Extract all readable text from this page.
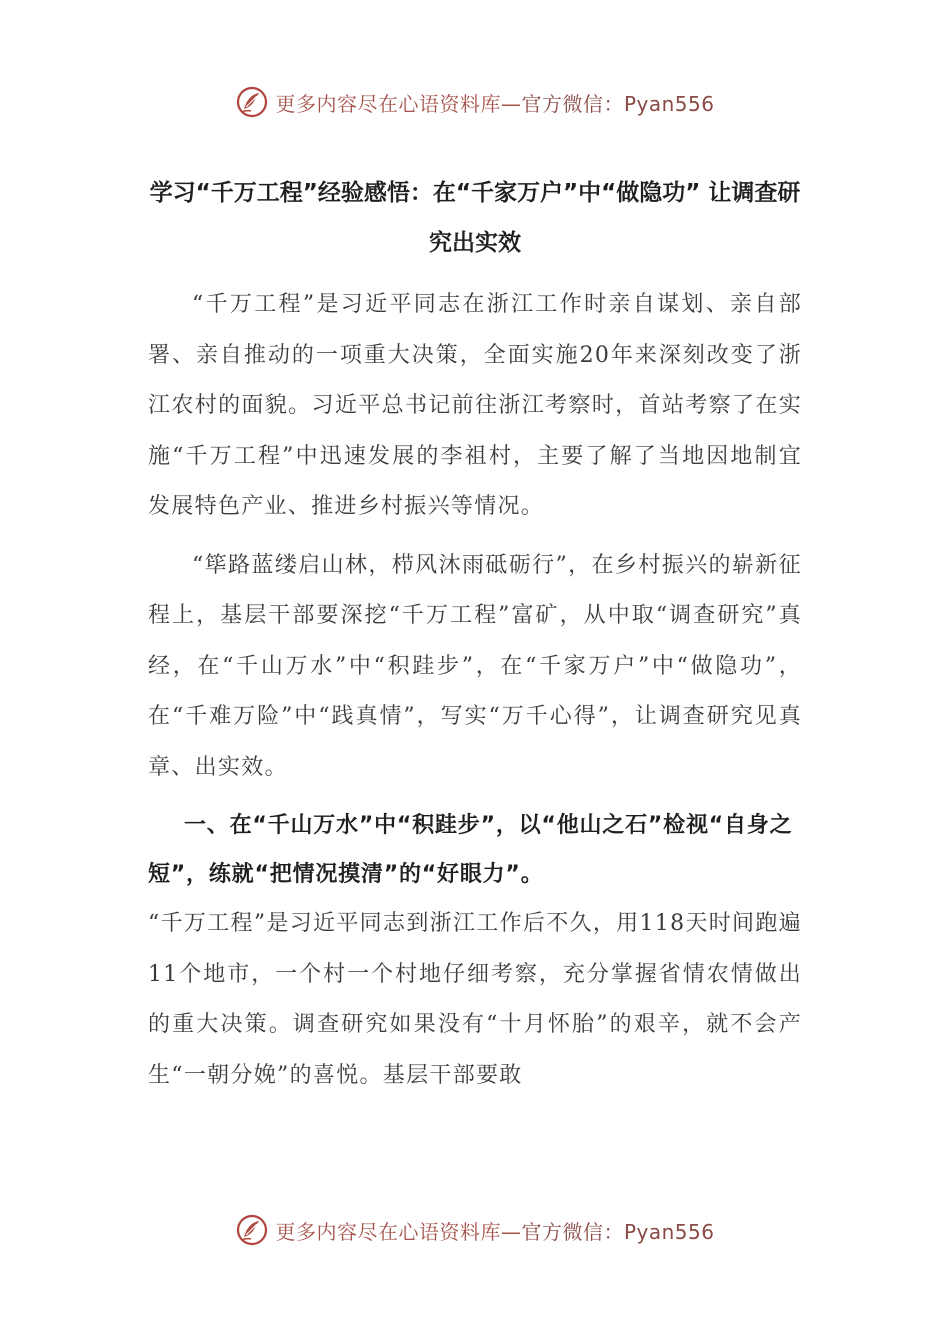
更多内容尽在心语资料库—官方微信：Pyan556
学习“千万工程”经验感悟：在“千家万户”中“做隐功” 让调查研究出实效

“千万工程”是习近平同志在浙江工作时亲自谋划、亲自部署、亲自推动的一项重大决策，全面实施20年来深刻改变了浙江农村的面貌。习近平总书记前往浙江考察时，首站考察了在实施“千万工程”中迅速发展的李祖村，主要了解了当地因地制宜发展特色产业、推进乡村振兴等情况。

“筚路蓝缕启山林，栉风沐雨砥砺行”，在乡村振兴的崭新征程上，基层干部要深挖“千万工程”富矿，从中取“调查研究”真经，在“千山万水”中“积跬步”，在“千家万户”中“做隐功”，在“千难万险”中“践真情”，写实“万千心得”，让调查研究见真章、出实效。

一、在“千山万水”中“积跬步”，以“他山之石”检视“自身之短”，练就“把情况摸清”的“好眼力”。

“千万工程”是习近平同志到浙江工作后不久，用118天时间跑遍11个地市，一个村一个村地仔细考察，充分掌握省情农情做出的重大决策。调查研究如果没有“十月怀胎”的艰辛，就不会产生“一朝分娩”的喜悦。基层干部要敢

更多内容尽在心语资料库—官方微信：Pyan556
